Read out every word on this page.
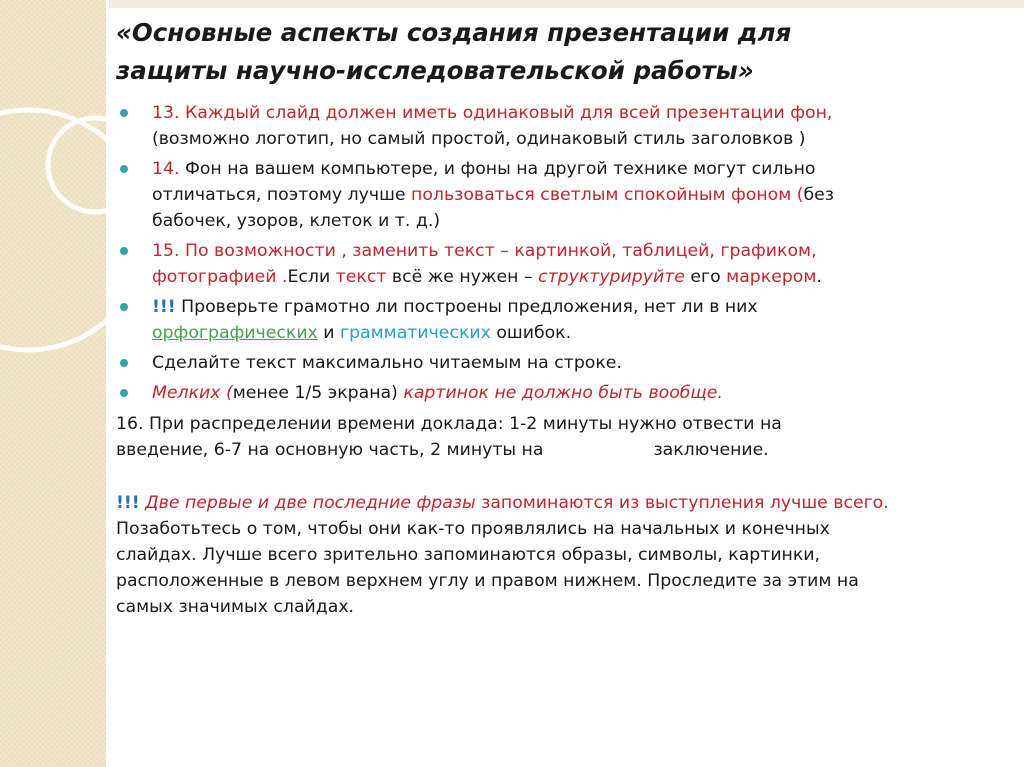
«Основные аспекты создания презентации для
защиты научно-исследовательской работы»
13. Каждый слайд должен иметь одинаковый для всей презентации фон,
(возможно логотип, но самый простой, одинаковый стиль заголовков )
14. Фон на вашем компьютере, и фоны на другой технике могут сильно
отличаться, поэтому лучше пользоваться светлым спокойным фоном (без
бабочек, узоров, клеток и т. д.)
15. По возможности , заменить текст – картинкой, таблицей, графиком,
фотографией .Если текст всё же нужен – структурируйте его маркером.
!!! Проверьте грамотно ли построены предложения, нет ли в них
орфографических и грамматических ошибок.
Сделайте текст максимально читаемым на строке.
Мелких (менее 1/5 экрана) картинок не должно быть вообще.

16. При распределении времени доклада: 1-2 минуты нужно отвести на
введение, 6-7 на основную часть, 2 минуты на	заключение.

!!! Две первые и две последние фразы запоминаются из выступления лучше всего.
Позаботьтесь о том, чтобы они как-то проявлялись на начальных и конечных
слайдах. Лучше всего зрительно запоминаются образы, символы, картинки,
расположенные в левом верхнем углу и правом нижнем. Проследите за этим на
самых значимых слайдах.
